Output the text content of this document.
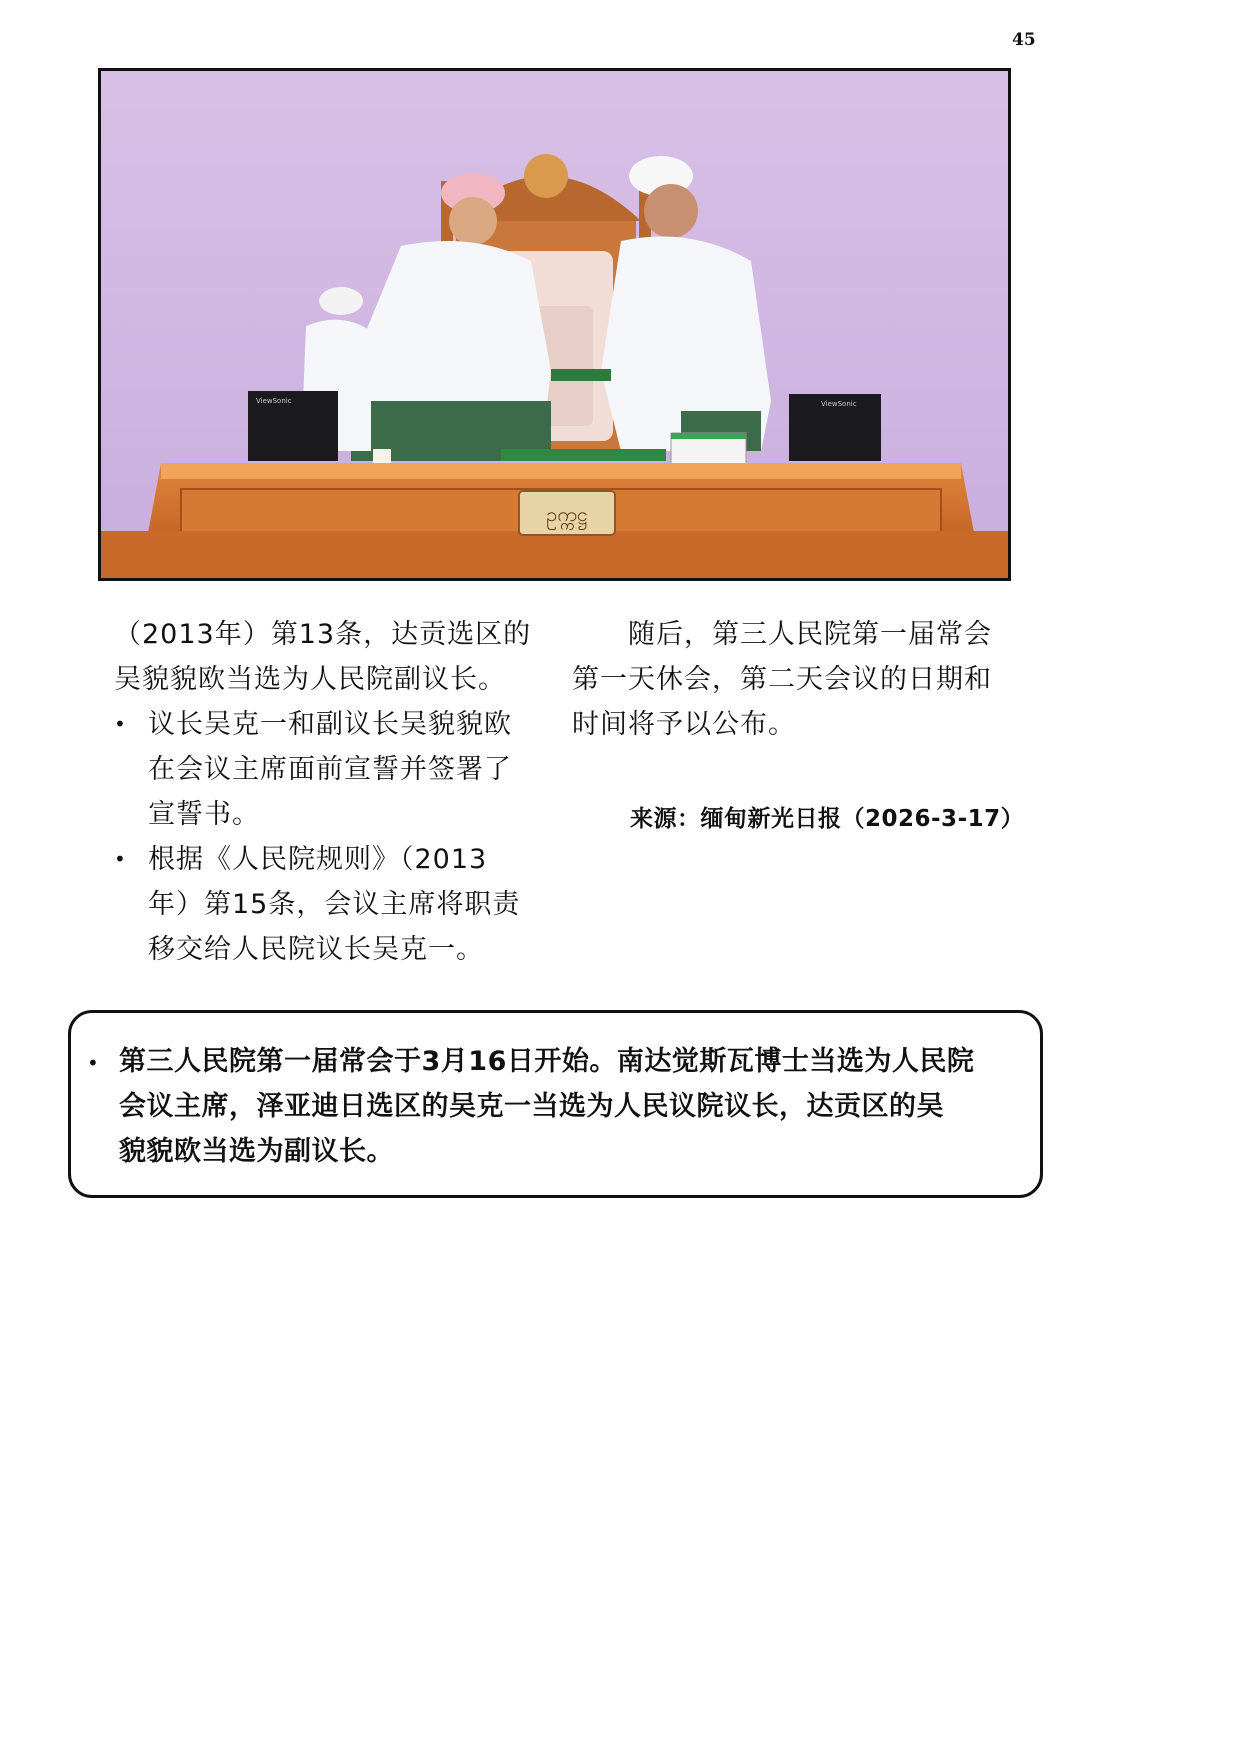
45
ViewSonic	ViewSonic
ဥက္ကဋ္ဌ
（2013年）第13条，达贡选区的
吴貌貌欧当选为人民院副议长。
• 议长吴克一和副议长吴貌貌欧
在会议主席面前宣誓并签署了
宣誓书。
• 根据《人民院规则》（2013
年）第15条，会议主席将职责
移交给人民院议长吴克一。

　　随后，第三人民院第一届常会
第一天休会，第二天会议的日期和
时间将予以公布。

来源：缅甸新光日报（2026-3-17）
• 第三人民院第一届常会于3月16日开始。南达觉斯瓦博士当选为人民院
会议主席，泽亚迪日选区的吴克一当选为人民议院议长，达贡区的吴
貌貌欧当选为副议长。
